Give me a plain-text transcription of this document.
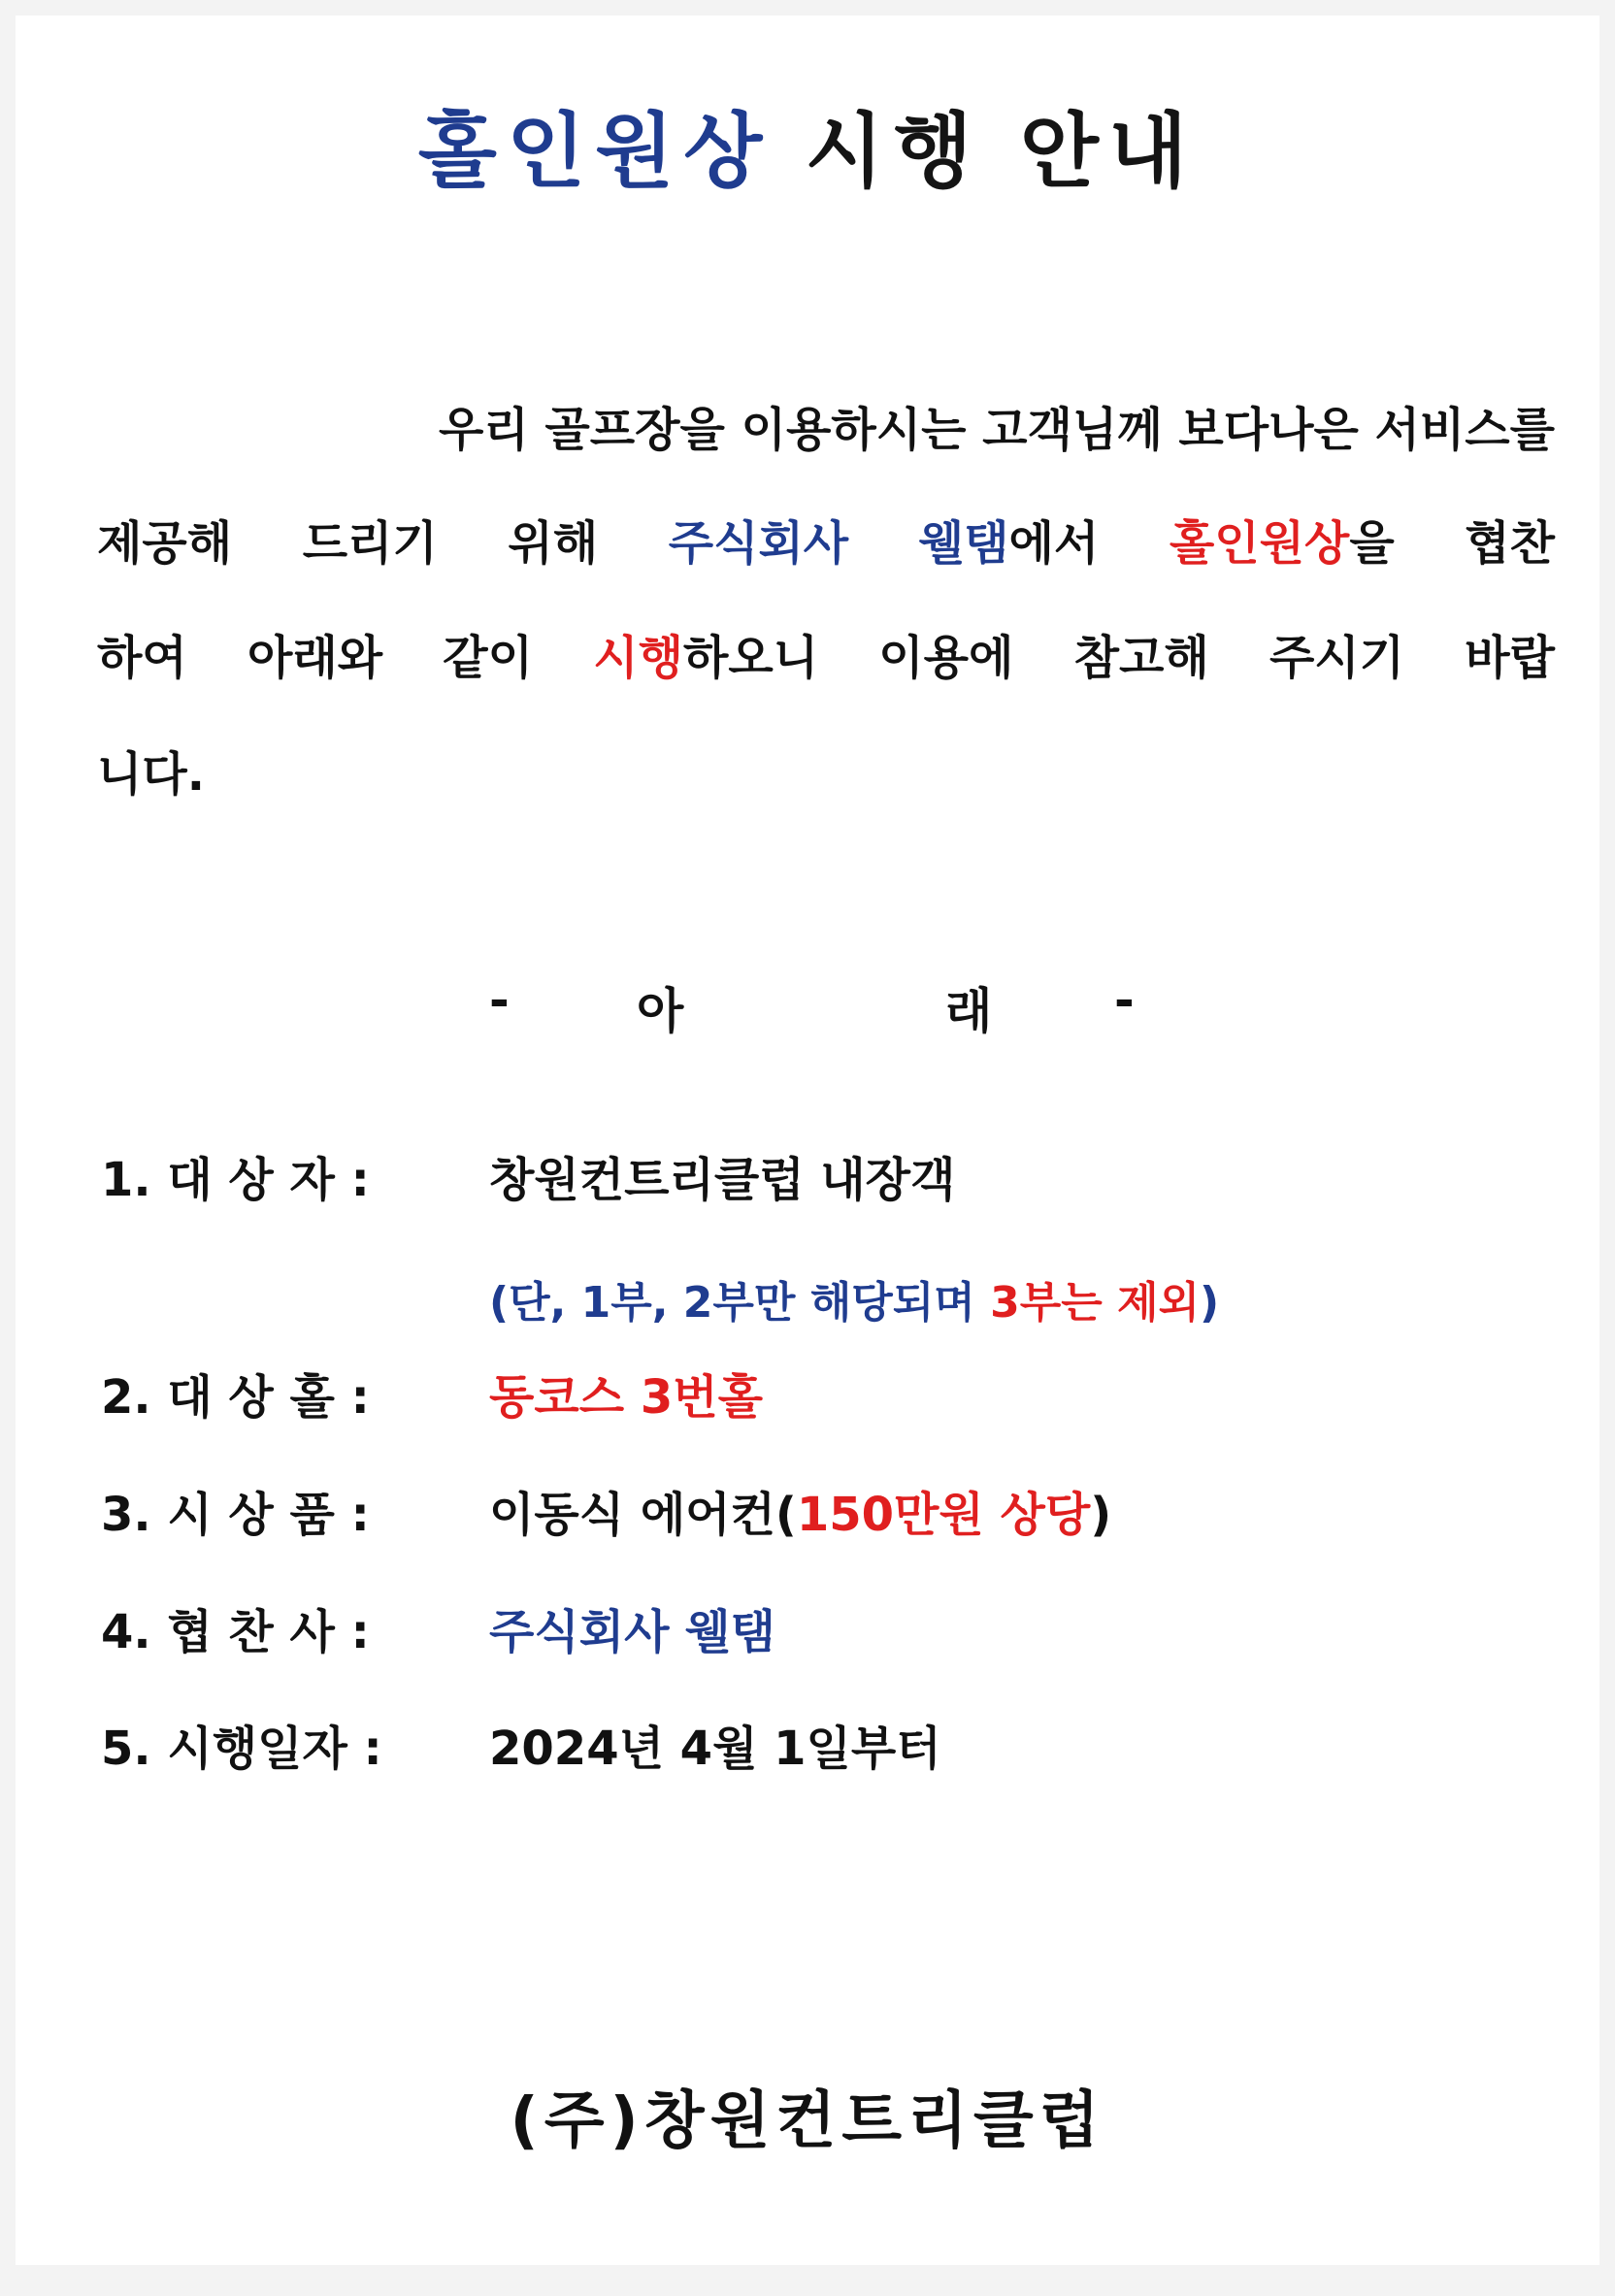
홀인원상 시행 안내
우리 골프장을 이용하시는 고객님께 보다나은 서비스를
제공해 드리기 위해 주식회사 웰탬에서 홀인원상을 협찬
하여 아래와 같이 시행하오니 이용에 참고해 주시기 바랍
니다.
-	아	래	-
1. 대 상 자 :	창원컨트리클럽 내장객
(단, 1부, 2부만 해당되며 3부는 제외)
2. 대 상 홀 :	동코스 3번홀
3. 시 상 품 :	이동식 에어컨(150만원 상당)
4. 협 찬 사 :	주식회사 웰탬
5. 시행일자 : 2024년 4월 1일부터
(주)창원컨트리클럽
